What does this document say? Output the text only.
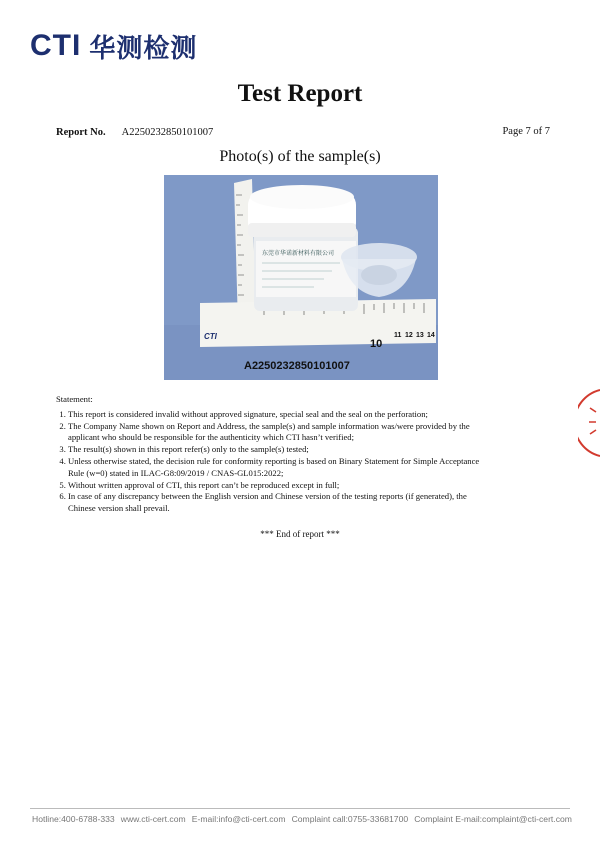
CTI 华测检测
Test Report
Report No. A2250232850101007	Page 7 of 7
Photo(s) of the sample(s)
CTI
10
11 12 13 14
东莞市华诺新材料有限公司
A2250232850101007
Statement:
1. This report is considered invalid without approved signature, special seal and the seal on the perforation;
2. The Company Name shown on Report and Address, the sample(s) and sample information was/were provided by the applicant who should be responsible for the authenticity which CTI hasn’t verified;
3. The result(s) shown in this report refer(s) only to the sample(s) tested;
4. Unless otherwise stated, the decision rule for conformity reporting is based on Binary Statement for Simple Acceptance Rule (w=0) stated in ILAC-G8:09/2019 / CNAS-GL015:2022;
5. Without written approval of CTI, this report can’t be reproduced except in full;
6. In case of any discrepancy between the English version and Chinese version of the testing reports (if generated), the Chinese version shall prevail.
*** End of report ***
Hotline:400-6788-333 www.cti-cert.com E-mail:info@cti-cert.com Complaint call:0755-33681700 Complaint E-mail:complaint@cti-cert.com
